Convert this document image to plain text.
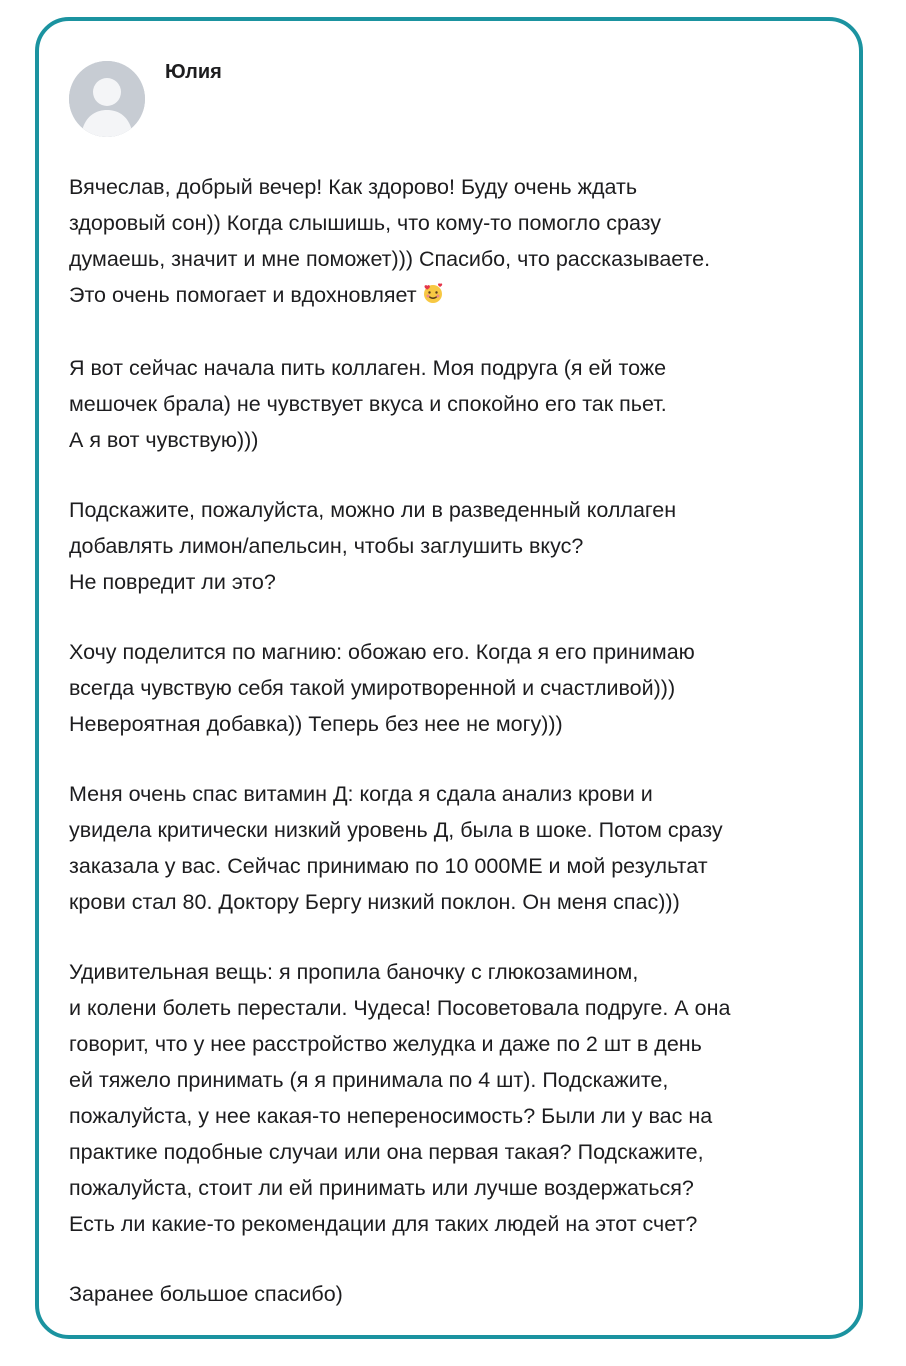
Юлия

Вячеслав, добрый вечер! Как здорово! Буду очень ждать
здоровый сон)) Когда слышишь, что кому-то помогло сразу
думаешь, значит и мне поможет))) Спасибо, что рассказываете.
Это очень помогает и вдохновляет

Я вот сейчас начала пить коллаген. Моя подруга (я ей тоже
мешочек брала) не чувствует вкуса и спокойно его так пьет.
А я вот чувствую)))

Подскажите, пожалуйста, можно ли в разведенный коллаген
добавлять лимон/апельсин, чтобы заглушить вкус?
Не повредит ли это?

Хочу поделится по магнию: обожаю его. Когда я его принимаю
всегда чувствую себя такой умиротворенной и счастливой)))
Невероятная добавка)) Теперь без нее не могу)))

Меня очень спас витамин Д: когда я сдала анализ крови и
увидела критически низкий уровень Д, была в шоке. Потом сразу
заказала у вас. Сейчас принимаю по 10 000МЕ и мой результат
крови стал 80. Доктору Бергу низкий поклон. Он меня спас)))

Удивительная вещь: я пропила баночку с глюкозамином,
и колени болеть перестали. Чудеса! Посоветовала подруге. А она
говорит, что у нее расстройство желудка и даже по 2 шт в день
ей тяжело принимать (я я принимала по 4 шт). Подскажите,
пожалуйста, у нее какая-то непереносимость? Были ли у вас на
практике подобные случаи или она первая такая? Подскажите,
пожалуйста, стоит ли ей принимать или лучше воздержаться?
Есть ли какие-то рекомендации для таких людей на этот счет?

Заранее большое спасибо)
